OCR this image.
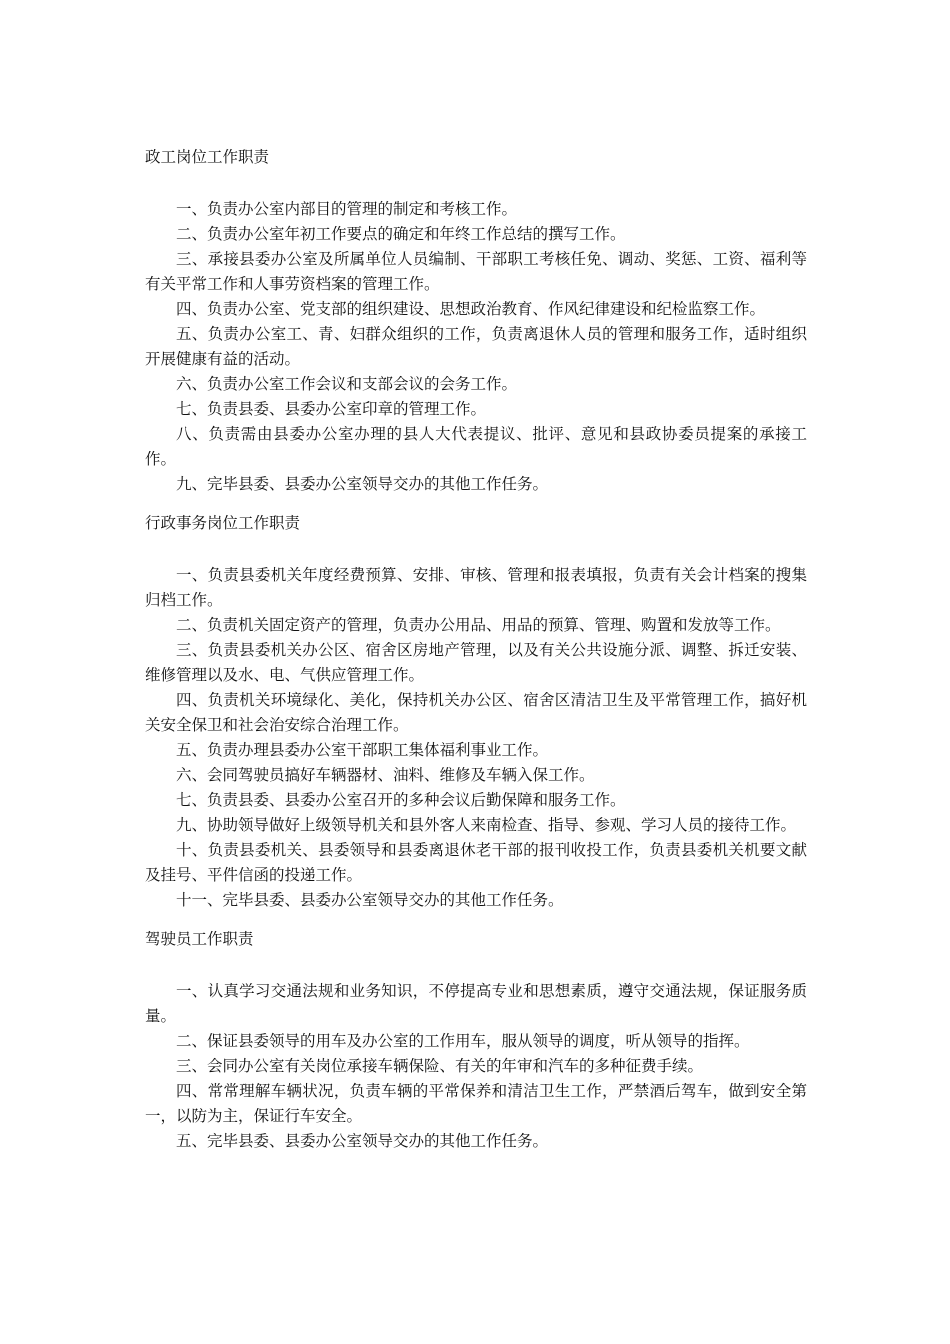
政工岗位工作职责

一、负责办公室内部目的管理的制定和考核工作。

二、负责办公室年初工作要点的确定和年终工作总结的撰写工作。

三、承接县委办公室及所属单位人员编制、干部职工考核任免、调动、奖惩、工资、福利等有关平常工作和人事劳资档案的管理工作。

四、负责办公室、党支部的组织建设、思想政治教育、作风纪律建设和纪检监察工作。

五、负责办公室工、青、妇群众组织的工作，负责离退休人员的管理和服务工作，适时组织开展健康有益的活动。

六、负责办公室工作会议和支部会议的会务工作。

七、负责县委、县委办公室印章的管理工作。

八、负责需由县委办公室办理的县人大代表提议、批评、意见和县政协委员提案的承接工作。

九、完毕县委、县委办公室领导交办的其他工作任务。

行政事务岗位工作职责

一、负责县委机关年度经费预算、安排、审核、管理和报表填报，负责有关会计档案的搜集归档工作。

二、负责机关固定资产的管理，负责办公用品、用品的预算、管理、购置和发放等工作。

三、负责县委机关办公区、宿舍区房地产管理，以及有关公共设施分派、调整、拆迁安装、维修管理以及水、电、气供应管理工作。

四、负责机关环境绿化、美化，保持机关办公区、宿舍区清洁卫生及平常管理工作，搞好机关安全保卫和社会治安综合治理工作。

五、负责办理县委办公室干部职工集体福利事业工作。

六、会同驾驶员搞好车辆器材、油料、维修及车辆入保工作。

七、负责县委、县委办公室召开的多种会议后勤保障和服务工作。

九、协助领导做好上级领导机关和县外客人来南检查、指导、参观、学习人员的接待工作。

十、负责县委机关、县委领导和县委离退休老干部的报刊收投工作，负责县委机关机要文献及挂号、平件信函的投递工作。

十一、完毕县委、县委办公室领导交办的其他工作任务。

驾驶员工作职责

一、认真学习交通法规和业务知识，不停提高专业和思想素质，遵守交通法规，保证服务质量。

二、保证县委领导的用车及办公室的工作用车，服从领导的调度，听从领导的指挥。

三、会同办公室有关岗位承接车辆保险、有关的年审和汽车的多种征费手续。

四、常常理解车辆状况，负责车辆的平常保养和清洁卫生工作，严禁酒后驾车，做到安全第一，以防为主，保证行车安全。

五、完毕县委、县委办公室领导交办的其他工作任务。
